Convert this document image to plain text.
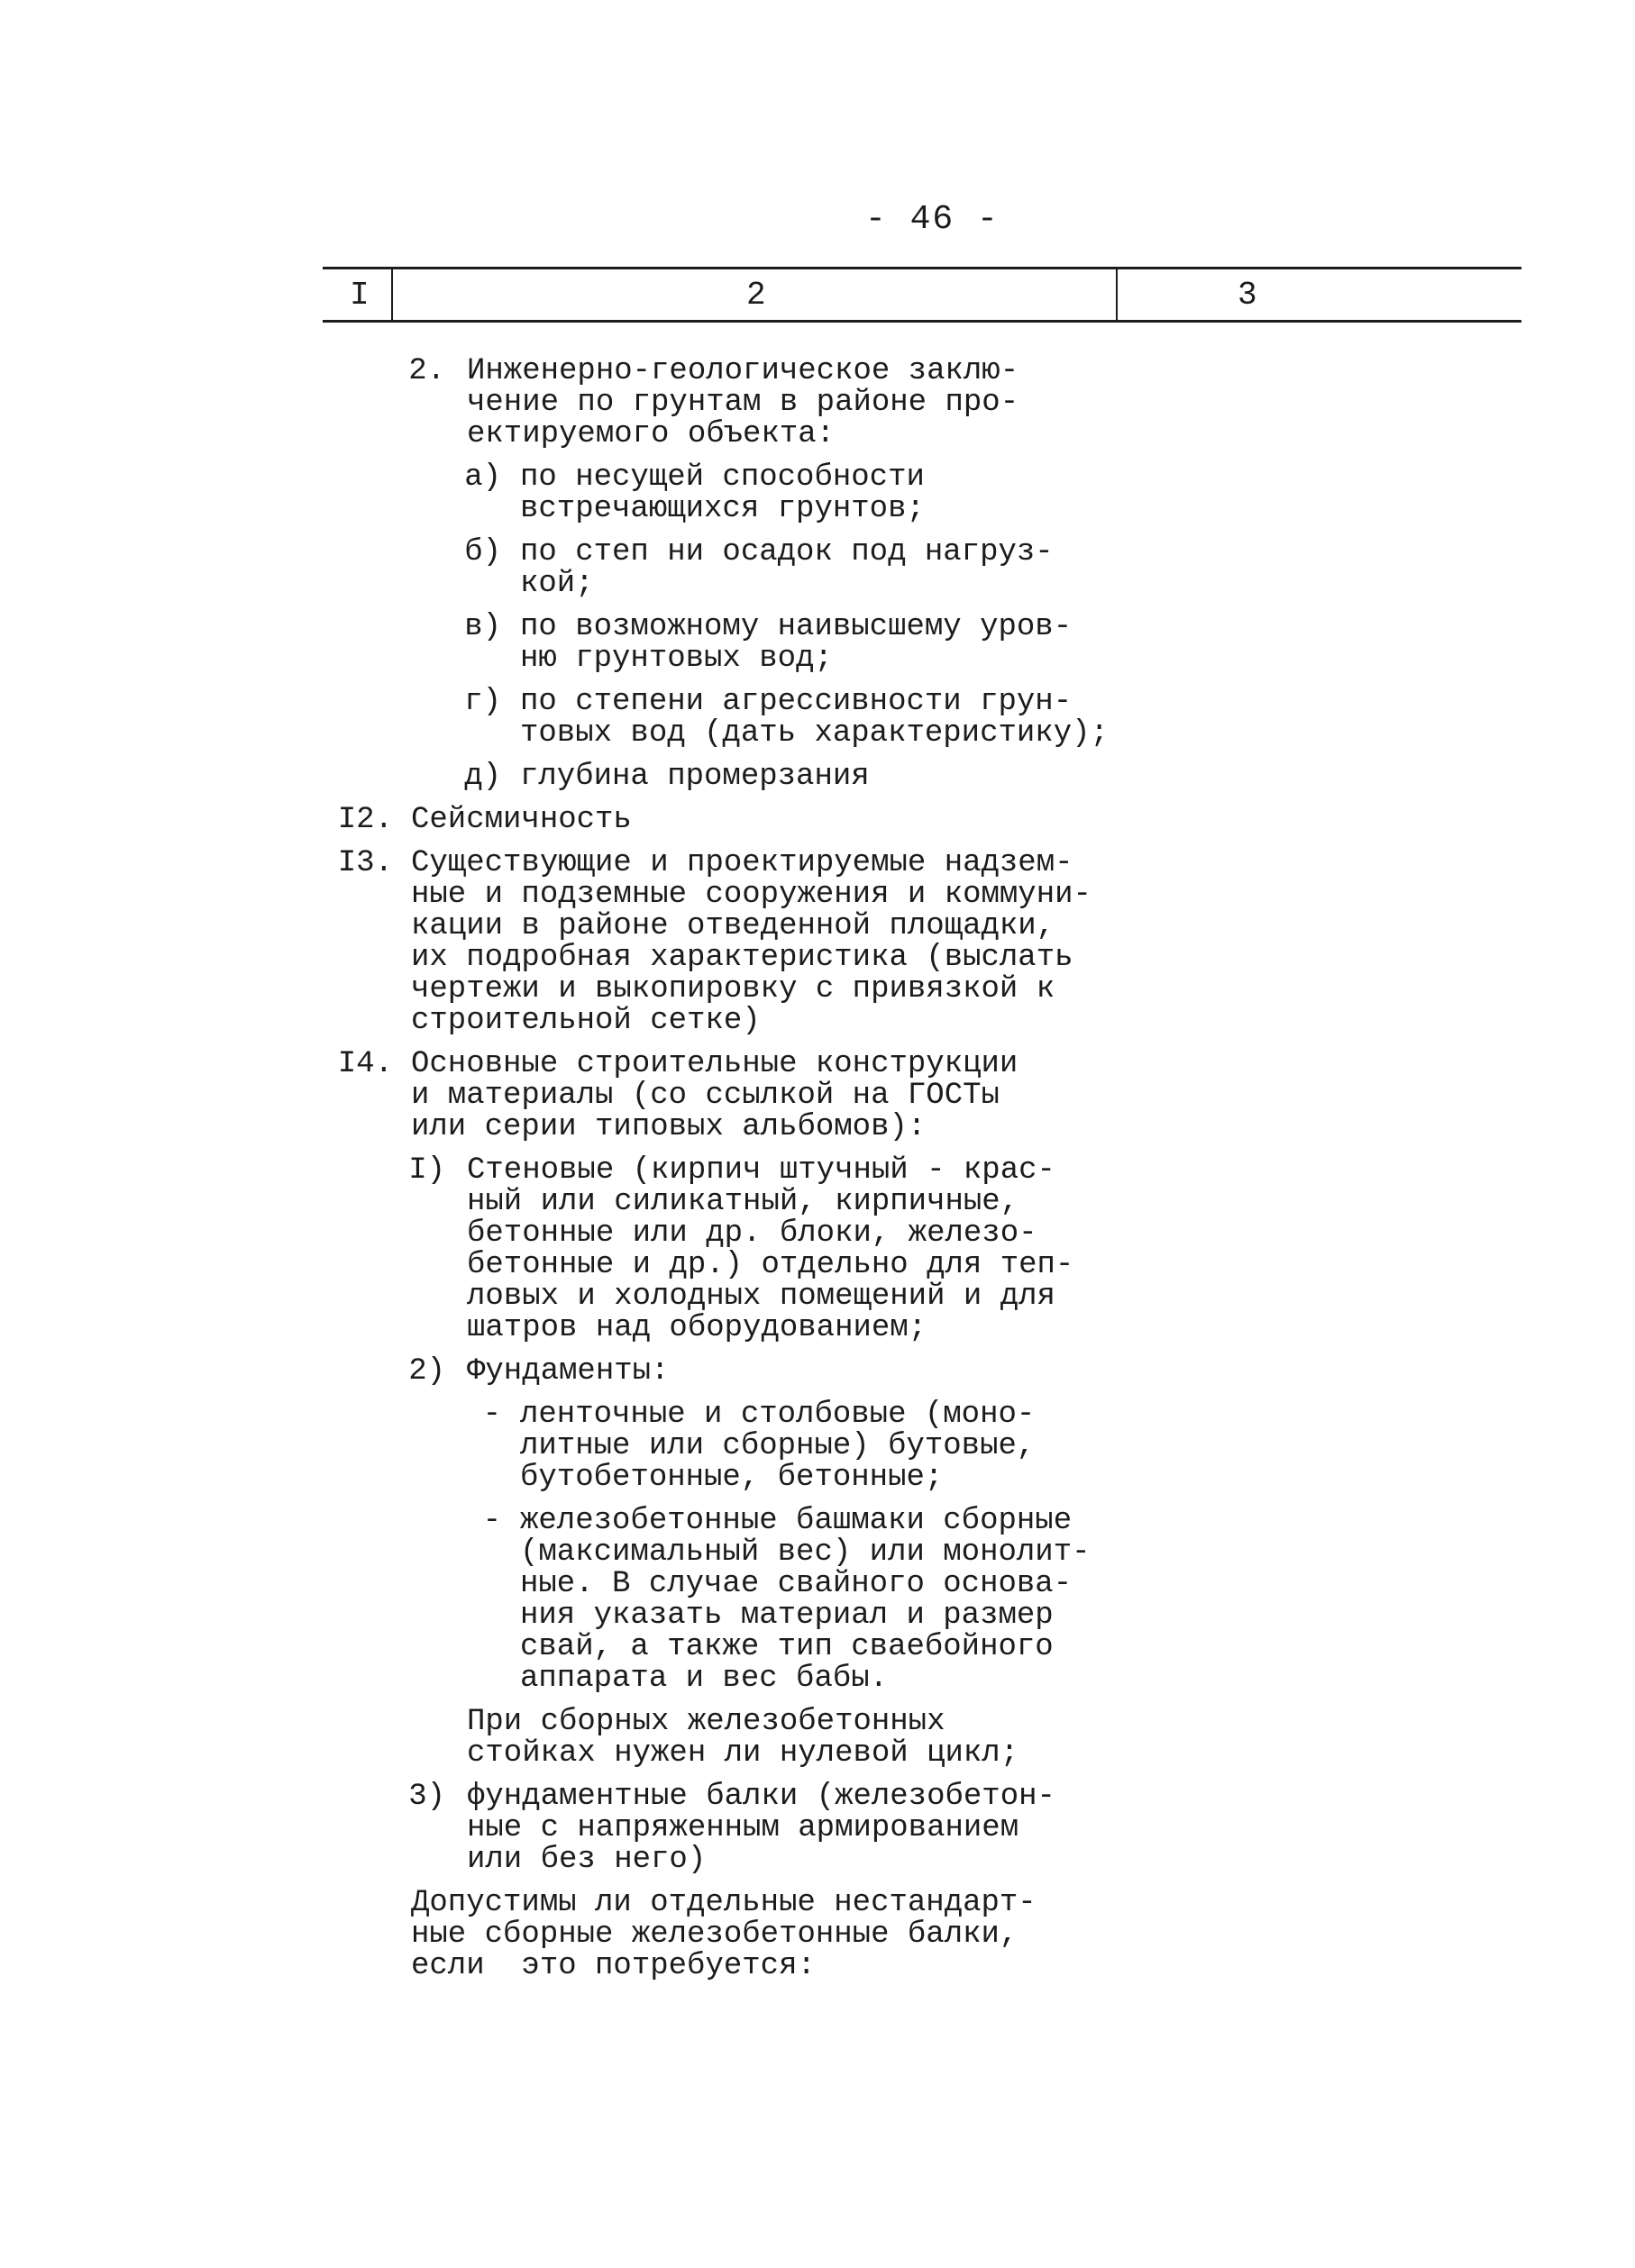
- 46 -
I	2	3
2. Инженерно-геологическое заклю-
чение по грунтам в районе про-
ектируемого объекта:
а) по несущей способности
встречающихся грунтов;
б) по степ ни осадок под нагруз-
кой;
в) по возможному наивысшему уров-
ню грунтовых вод;
г) по степени агрессивности грун-
товых вод (дать характеристику);
д) глубина промерзания
I2. Сейсмичность
I3. Существующие и проектируемые надзем-
ные и подземные сооружения и коммуни-
кации в районе отведенной площадки,
их подробная характеристика (выслать
чертежи и выкопировку с привязкой к
строительной сетке)
I4. Основные строительные конструкции
и материалы (со ссылкой на ГОСТы
или серии типовых альбомов):
I) Стеновые (кирпич штучный - крас-
ный или силикатный, кирпичные,
бетонные или др. блоки, железо-
бетонные и др.) отдельно для теп-
ловых и холодных помещений и для
шатров над оборудованием;
2) Фундаменты:
- ленточные и столбовые (моно-
литные или сборные) бутовые,
бутобетонные, бетонные;
- железобетонные башмаки сборные
(максимальный вес) или монолит-
ные. В случае свайного основа-
ния указать материал и размер
свай, а также тип сваебойного
аппарата и вес бабы.
При сборных железобетонных
стойках нужен ли нулевой цикл;
3) фундаментные балки (железобетон-
ные с напряженным армированием
или без него)
Допустимы ли отдельные нестандарт-
ные сборные железобетонные балки,
если  это потребуется:
